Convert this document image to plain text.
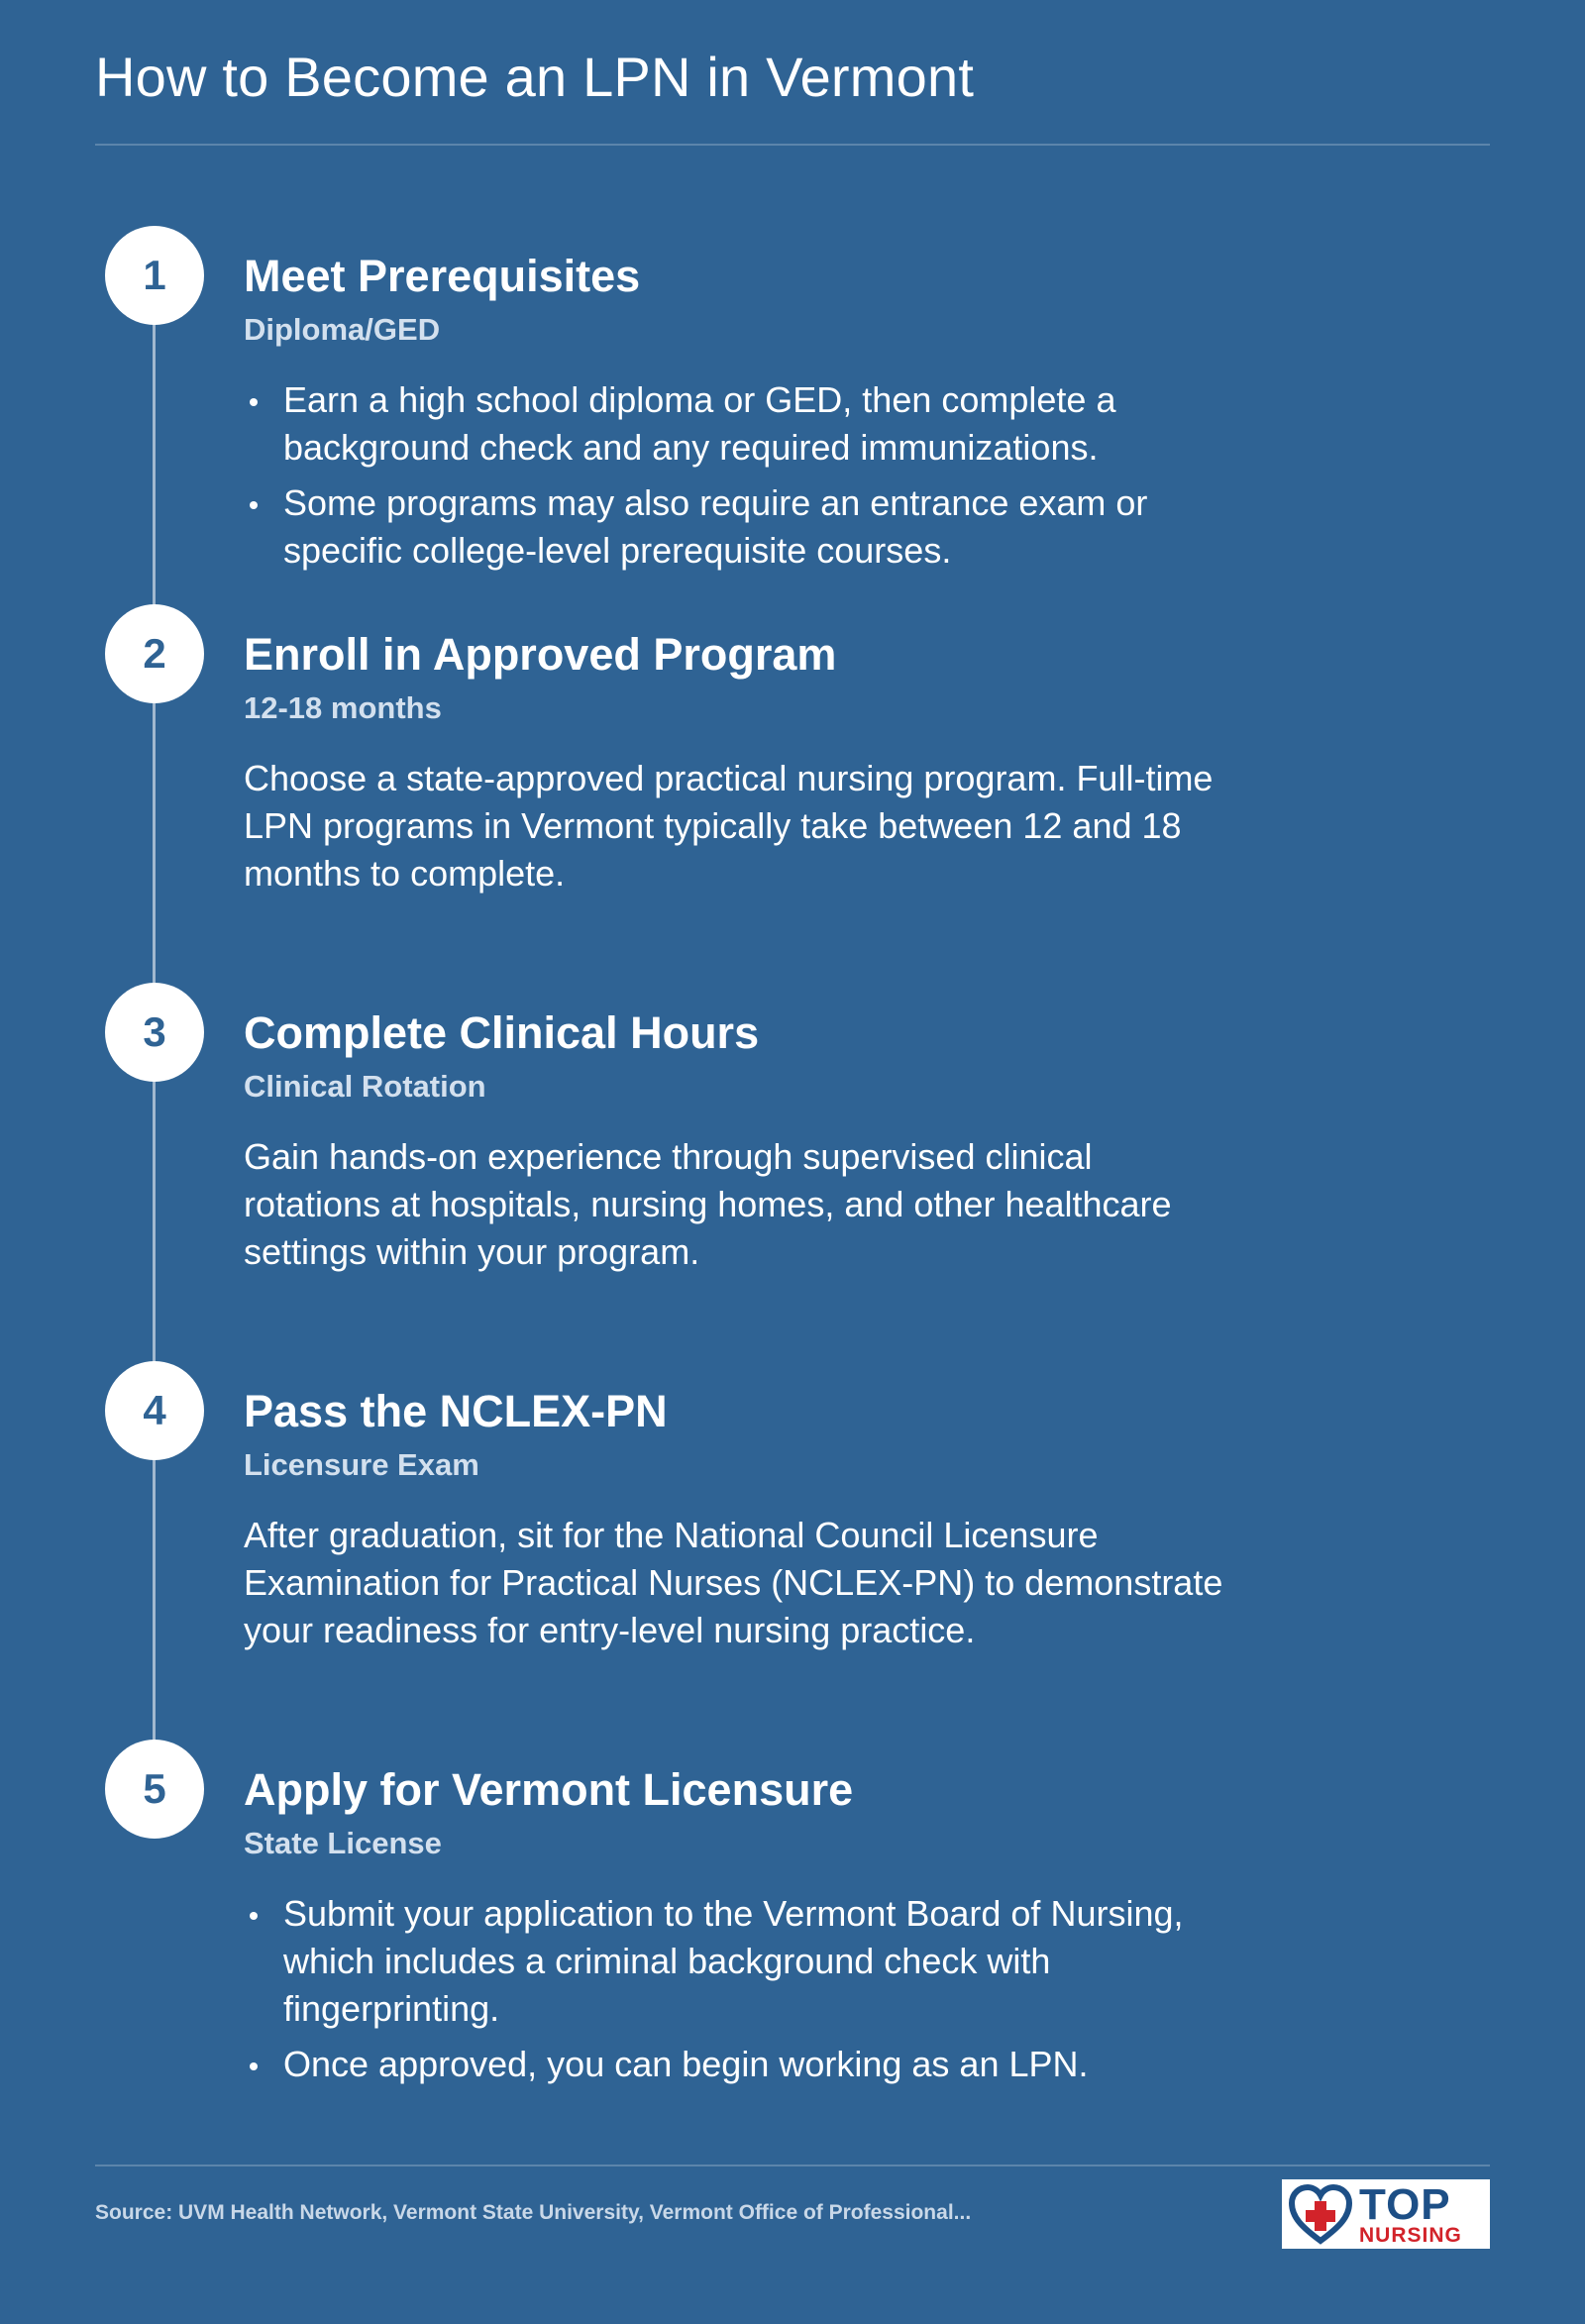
How to Become an LPN in Vermont
1	Meet Prerequisites
Diploma/GED
Earn a high school diploma or GED, then complete a background check and any required immunizations.
Some programs may also require an entrance exam or specific college-level prerequisite courses.
2	Enroll in Approved Program
12-18 months

Choose a state-approved practical nursing program. Full-time LPN programs in Vermont typically take between 12 and 18 months to complete.

3	Complete Clinical Hours
Clinical Rotation

Gain hands-on experience through supervised clinical rotations at hospitals, nursing homes, and other healthcare settings within your program.

4	Pass the NCLEX-PN
Licensure Exam

After graduation, sit for the National Council Licensure Examination for Practical Nurses (NCLEX-PN) to demonstrate your readiness for entry-level nursing practice.

5	Apply for Vermont Licensure
State License
Submit your application to the Vermont Board of Nursing, which includes a criminal background check with fingerprinting.
Once approved, you can begin working as an LPN.
Source: UVM Health Network, Vermont State University, Vermont Office of Professional...	TOP
NURSING
